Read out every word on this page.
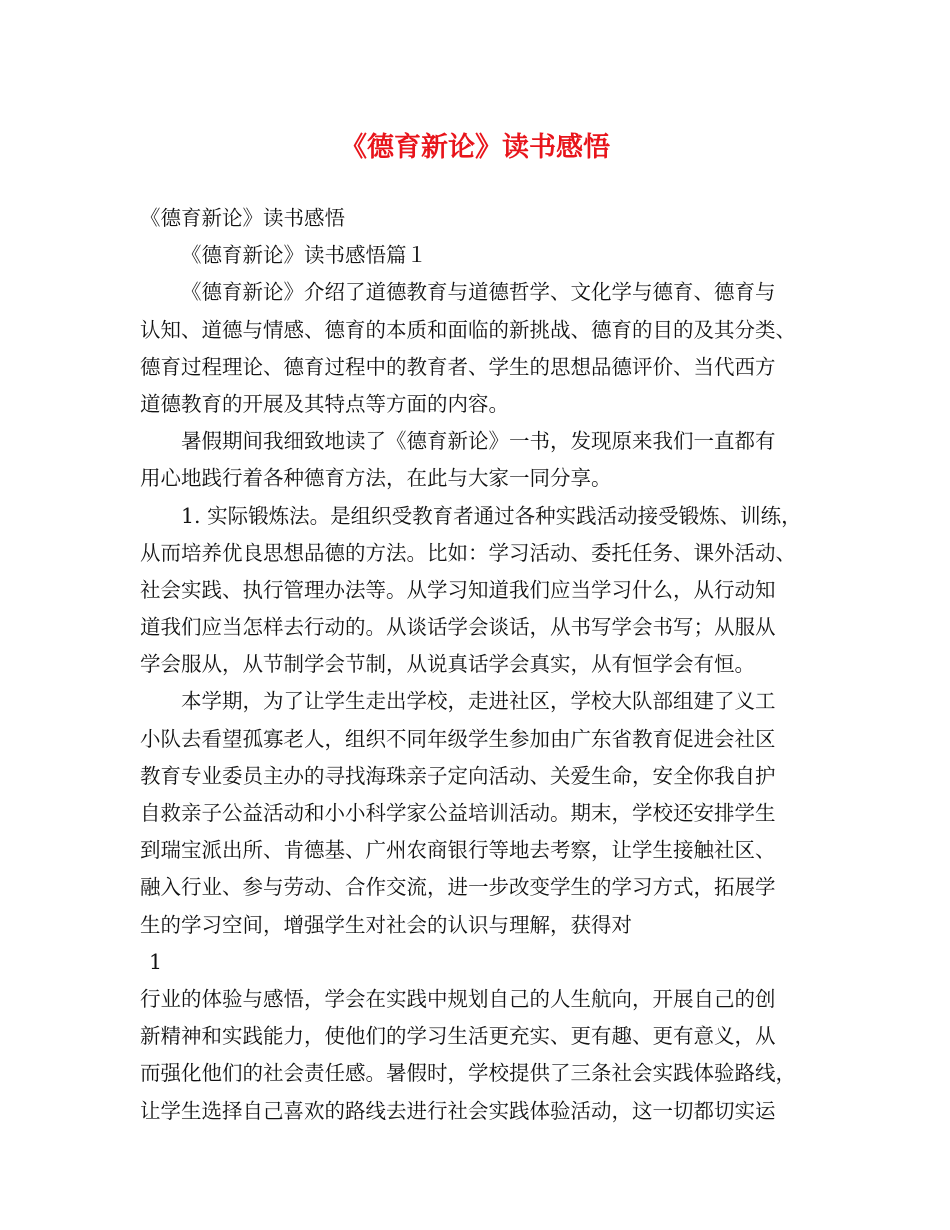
《德育新论》读书感悟
《德育新论》读书感悟
《德育新论》读书感悟篇１
《德育新论》介绍了道德教育与道德哲学、文化学与德育、德育与
认知、道德与情感、德育的本质和面临的新挑战、德育的目的及其分类、
德育过程理论、德育过程中的教育者、学生的思想品德评价、当代西方
道德教育的开展及其特点等方面的内容。
暑假期间我细致地读了《德育新论》一书，发现原来我们一直都有
用心地践行着各种德育方法，在此与大家一同分享。
1. 实际锻炼法。是组织受教育者通过各种实践活动接受锻炼、训练，
从而培养优良思想品德的方法。比如：学习活动、委托任务、课外活动、
社会实践、执行管理办法等。从学习知道我们应当学习什么，从行动知
道我们应当怎样去行动的。从谈话学会谈话，从书写学会书写；从服从
学会服从，从节制学会节制，从说真话学会真实，从有恒学会有恒。
本学期，为了让学生走出学校，走进社区，学校大队部组建了义工
小队去看望孤寡老人，组织不同年级学生参加由广东省教育促进会社区
教育专业委员主办的寻找海珠亲子定向活动、关爱生命，安全你我自护
自救亲子公益活动和小小科学家公益培训活动。期末，学校还安排学生
到瑞宝派出所、肯德基、广州农商银行等地去考察，让学生接触社区、
融入行业、参与劳动、合作交流，进一步改变学生的学习方式，拓展学
生的学习空间，增强学生对社会的认识与理解，获得对
1
行业的体验与感悟，学会在实践中规划自己的人生航向，开展自己的创
新精神和实践能力，使他们的学习生活更充实、更有趣、更有意义，从
而强化他们的社会责任感。暑假时，学校提供了三条社会实践体验路线，
让学生选择自己喜欢的路线去进行社会实践体验活动，这一切都切实运
